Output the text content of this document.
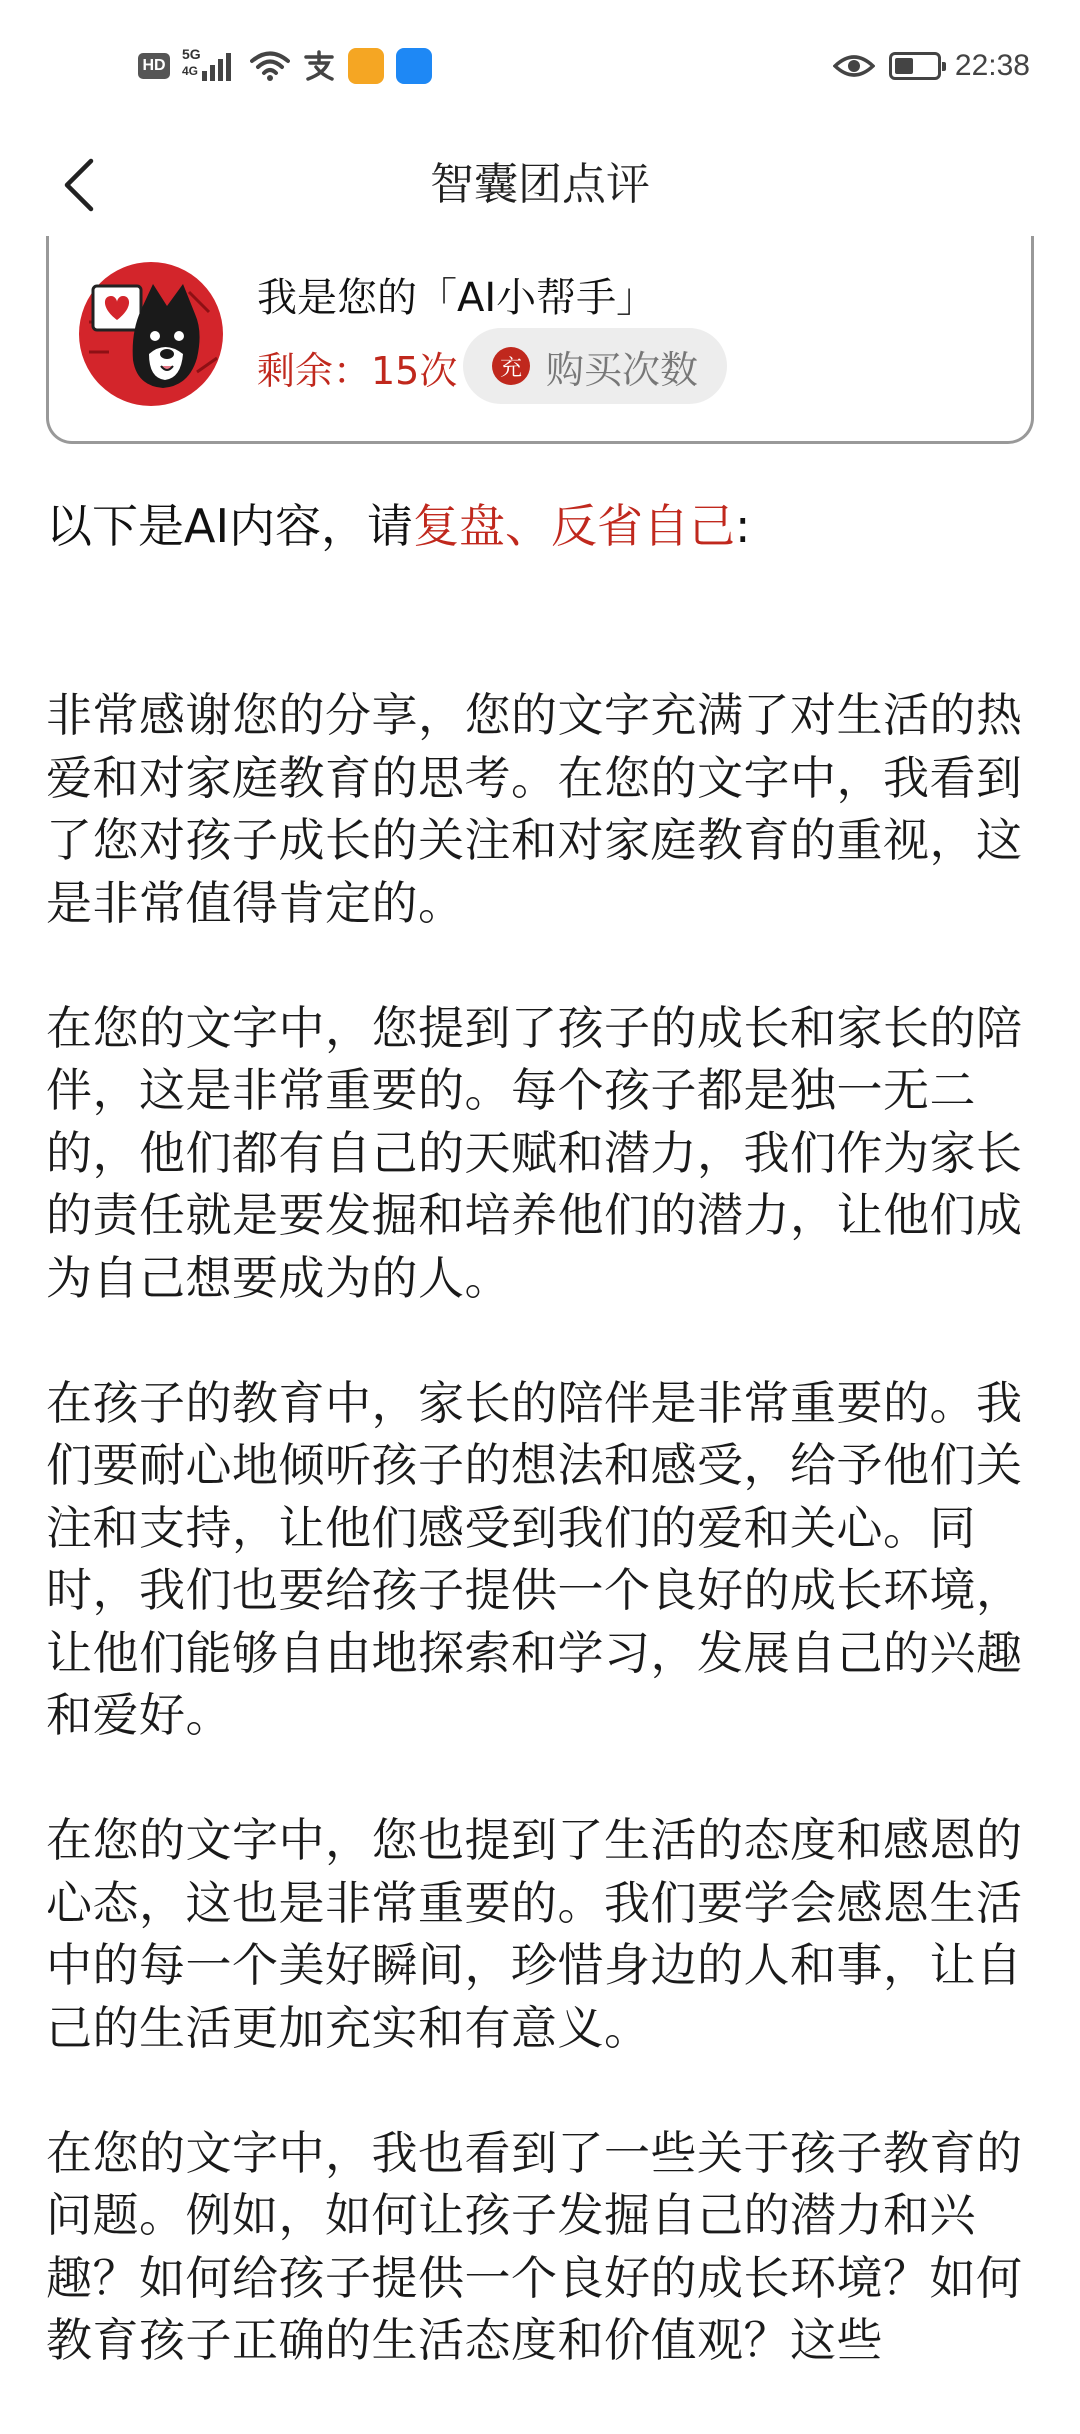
HD
5G
4G	22:38
智囊团点评
我是您的「AI小帮手」
剩余：15次	充 购买次数
以下是AI内容，请复盘、反省自己:

非常感谢您的分享，您的文字充满了对生活的热爱和对家庭教育的思考。在您的文字中，我看到了您对孩子成长的关注和对家庭教育的重视，这是非常值得肯定的。

在您的文字中，您提到了孩子的成长和家长的陪伴，这是非常重要的。每个孩子都是独一无二的，他们都有自己的天赋和潜力，我们作为家长的责任就是要发掘和培养他们的潜力，让他们成为自己想要成为的人。

在孩子的教育中，家长的陪伴是非常重要的。我们要耐心地倾听孩子的想法和感受，给予他们关注和支持，让他们感受到我们的爱和关心。同时，我们也要给孩子提供一个良好的成长环境，让他们能够自由地探索和学习，发展自己的兴趣和爱好。

在您的文字中，您也提到了生活的态度和感恩的心态，这也是非常重要的。我们要学会感恩生活中的每一个美好瞬间，珍惜身边的人和事，让自己的生活更加充实和有意义。

在您的文字中，我也看到了一些关于孩子教育的问题。例如，如何让孩子发掘自己的潜力和兴趣？如何给孩子提供一个良好的成长环境？如何教育孩子正确的生活态度和价值观？这些
